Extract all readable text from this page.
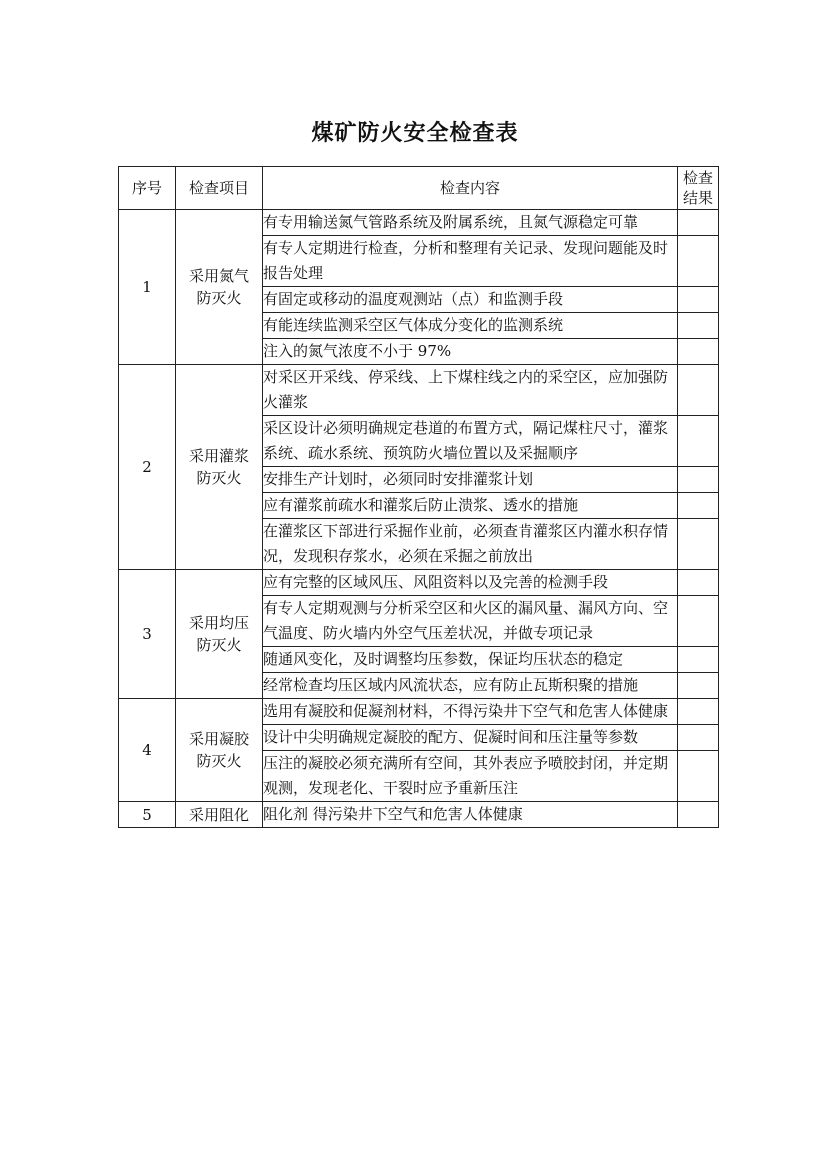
煤矿防火安全检查表
序号	检查项目	检查内容	检查结果
1	采用氮气防灭火	有专用输送氮气管路系统及附属系统，且氮气源稳定可靠	
		有专人定期进行检查，分析和整理有关记录、发现问题能及时报告处理	
		有固定或移动的温度观测站（点）和监测手段	
		有能连续监测采空区气体成分变化的监测系统	
		注入的氮气浓度不小于 97%	
2	采用灌浆防灭火	对采区开采线、停采线、上下煤柱线之内的采空区，应加强防火灌浆	
		采区设计必须明确规定巷道的布置方式，隔记煤柱尺寸，灌浆系统、疏水系统、预筑防火墙位置以及采掘顺序	
		安排生产计划时，必须同时安排灌浆计划	
		应有灌浆前疏水和灌浆后防止溃浆、透水的措施	
		在灌浆区下部进行采掘作业前，必须查肯灌浆区内灌水积存情况，发现积存浆水，必须在采掘之前放出	
3	采用均压防灭火	应有完整的区域风压、风阻资料以及完善的检测手段	
		有专人定期观测与分析采空区和火区的漏风量、漏风方向、空气温度、防火墙内外空气压差状况，并做专项记录	
		随通风变化，及时调整均压参数，保证均压状态的稳定	
		经常检查均压区域内风流状态，应有防止瓦斯积聚的措施	
4	采用凝胶防灭火	选用有凝胶和促凝剂材料，不得污染井下空气和危害人体健康	
		设计中尖明确规定凝胶的配方、促凝时间和压注量等参数	
		压注的凝胶必须充满所有空间，其外表应予喷胶封闭，并定期观测，发现老化、干裂时应予重新压注	
5	采用阻化	阻化剂 得污染井下空气和危害人体健康	
